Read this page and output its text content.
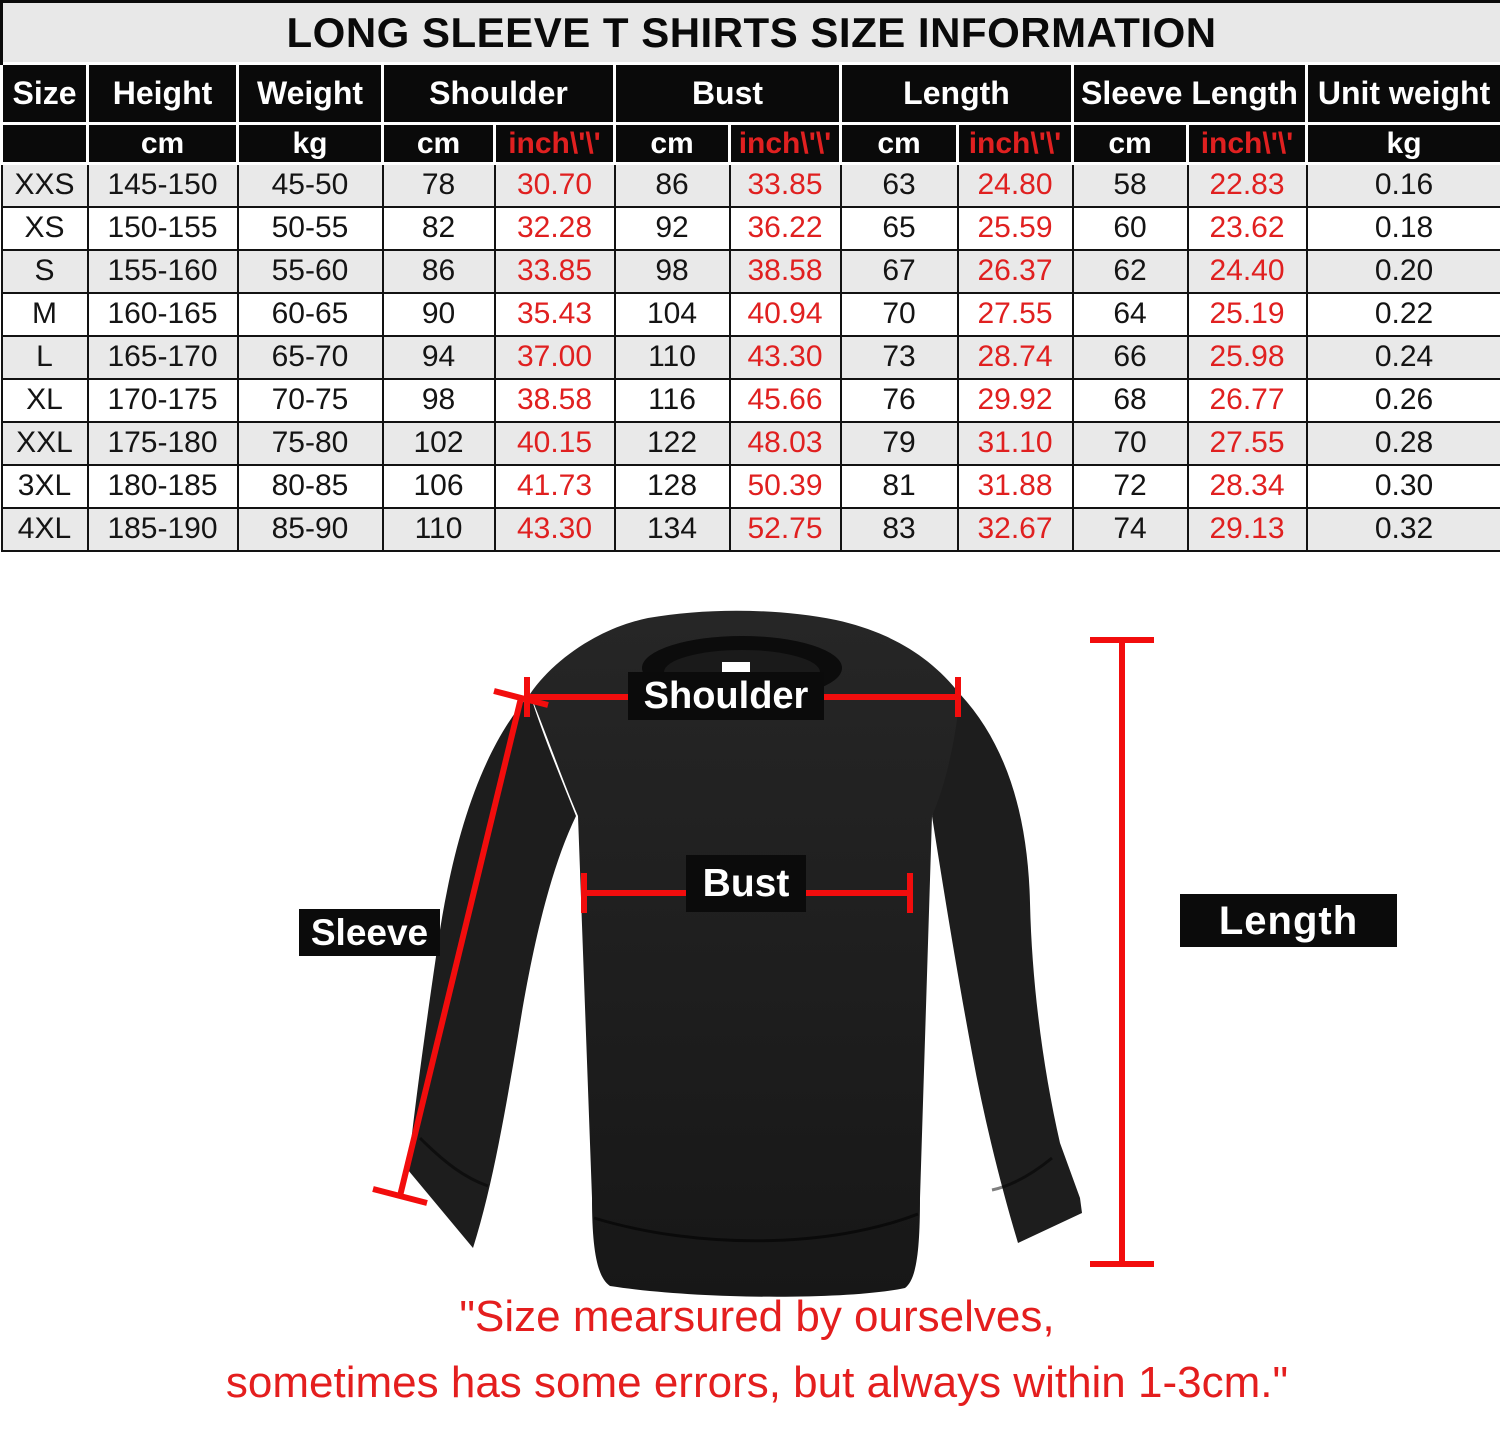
LONG SLEEVE T SHIRTS SIZE INFORMATION											
Size	Height	Weight	Shoulder		Bust		Length		Sleeve Length		Unit weight
	cm	kg	cm	inch\'\'	cm	inch\'\'	cm	inch\'\'	cm	inch\'\'	kg
XXS	145-150	45-50	78	30.70	86	33.85	63	24.80	58	22.83	0.16
XS	150-155	50-55	82	32.28	92	36.22	65	25.59	60	23.62	0.18
S	155-160	55-60	86	33.85	98	38.58	67	26.37	62	24.40	0.20
M	160-165	60-65	90	35.43	104	40.94	70	27.55	64	25.19	0.22
L	165-170	65-70	94	37.00	110	43.30	73	28.74	66	25.98	0.24
XL	170-175	70-75	98	38.58	116	45.66	76	29.92	68	26.77	0.26
XXL	175-180	75-80	102	40.15	122	48.03	79	31.10	70	27.55	0.28
3XL	180-185	80-85	106	41.73	128	50.39	81	31.88	72	28.34	0.30
4XL	185-190	85-90	110	43.30	134	52.75	83	32.67	74	29.13	0.32
Shoulder
Bust
Sleeve	Length
"Size mearsured by ourselves,
sometimes has some errors, but always within 1-3cm."
